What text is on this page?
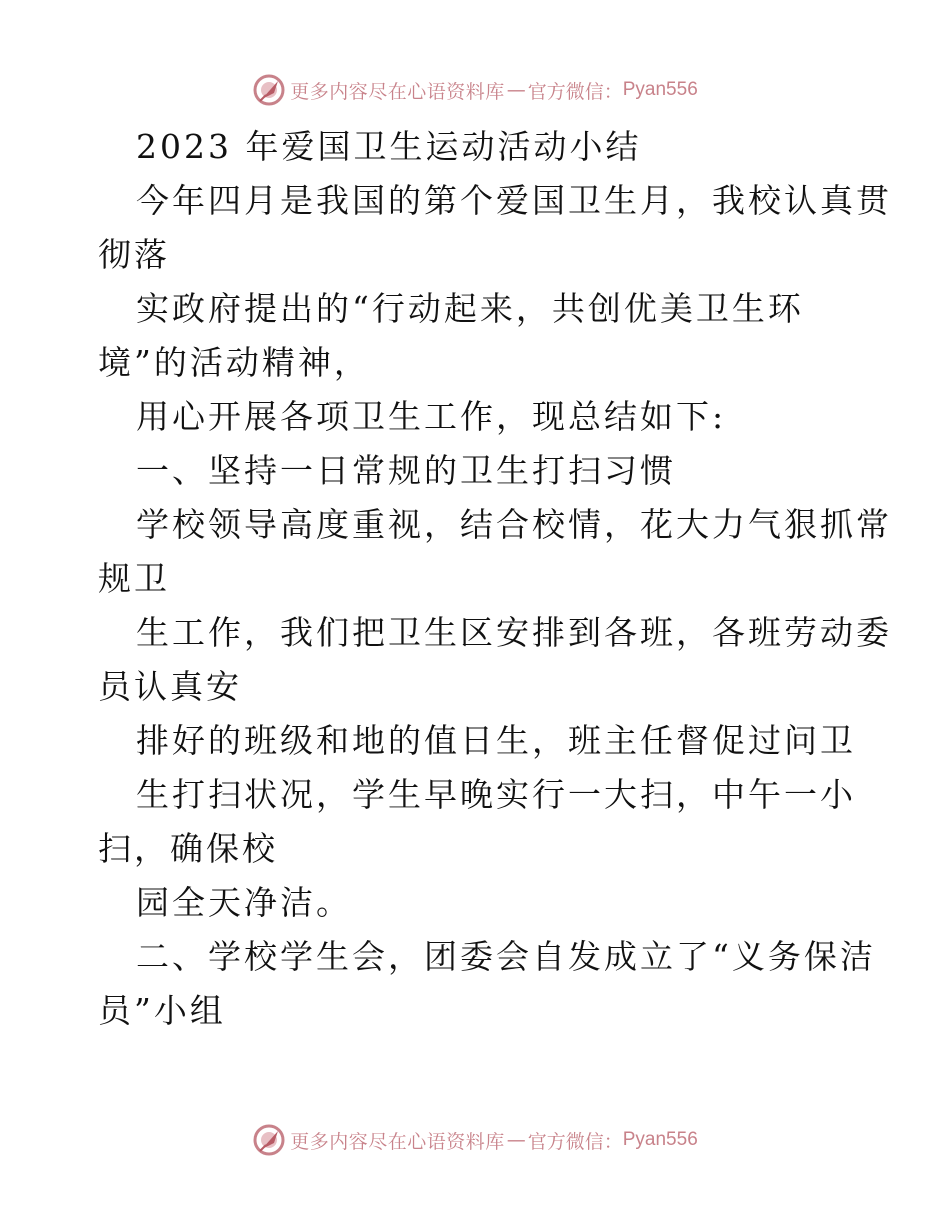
更多内容尽在心语资料库 — 官方微信： Pyan556
2023 年爱国卫生运动活动小结
今年四月是我国的第个爱国卫生月，我校认真贯
彻落
实政府提出的“行动起来，共创优美卫生环
境”的活动精神，
用心开展各项卫生工作，现总结如下:
一、坚持一日常规的卫生打扫习惯
学校领导高度重视，结合校情，花大力气狠抓常
规卫
生工作，我们把卫生区安排到各班，各班劳动委
员认真安
排好的班级和地的值日生，班主任督促过问卫
生打扫状况，学生早晚实行一大扫，中午一小
扫，确保校
园全天净洁。
二、学校学生会，团委会自发成立了“义务保洁
员”小组
更多内容尽在心语资料库 — 官方微信： Pyan556
